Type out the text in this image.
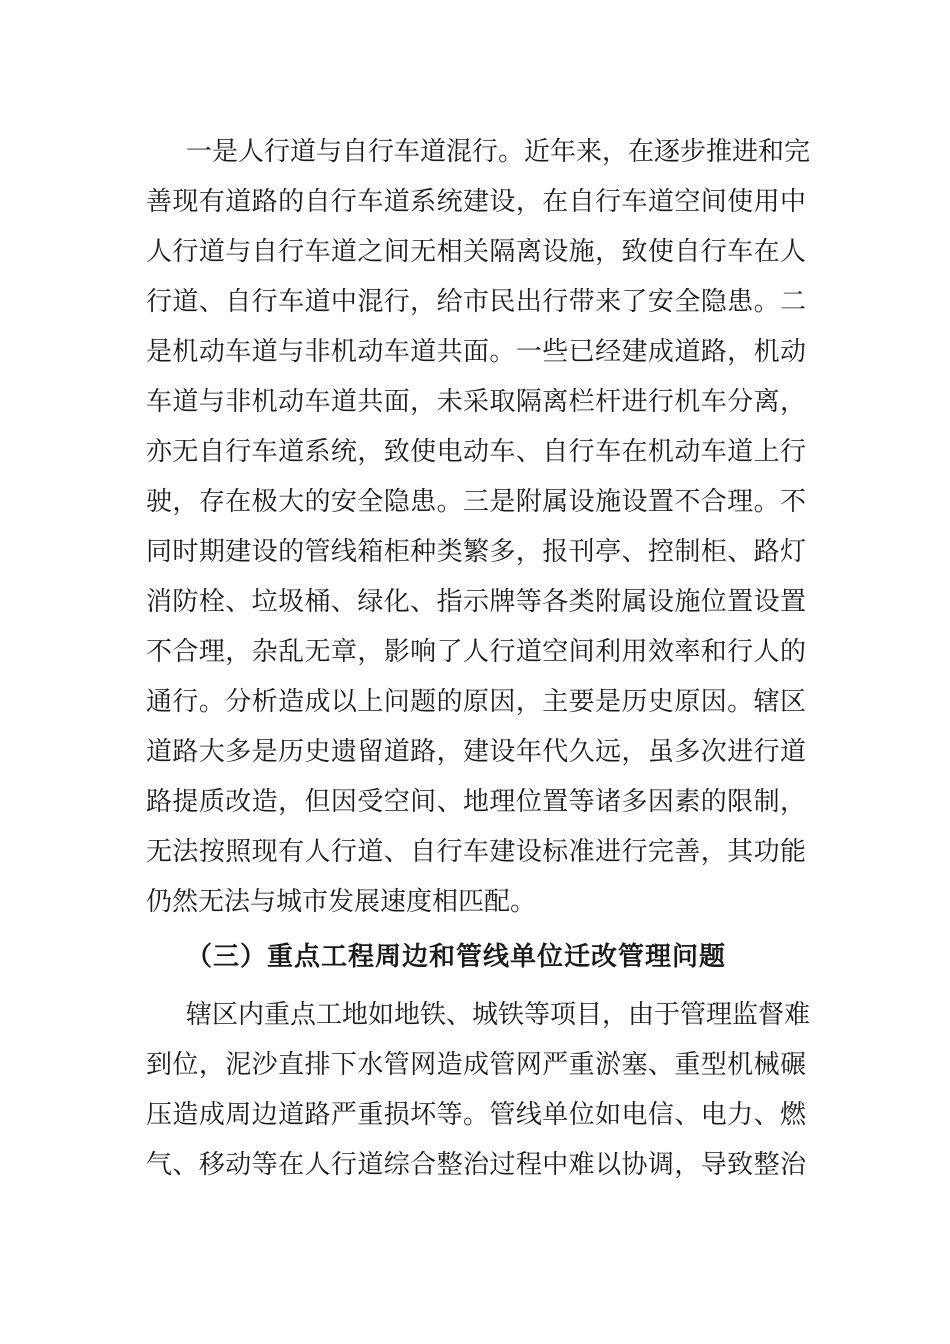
一是人行道与自行车道混行。近年来，在逐步推进和完
善现有道路的自行车道系统建设，在自行车道空间使用中
人行道与自行车道之间无相关隔离设施，致使自行车在人
行道、自行车道中混行，给市民出行带来了安全隐患。二
是机动车道与非机动车道共面。一些已经建成道路，机动
车道与非机动车道共面，未采取隔离栏杆进行机车分离，
亦无自行车道系统，致使电动车、自行车在机动车道上行
驶，存在极大的安全隐患。三是附属设施设置不合理。不
同时期建设的管线箱柜种类繁多，报刊亭、控制柜、路灯
消防栓、垃圾桶、绿化、指示牌等各类附属设施位置设置
不合理，杂乱无章，影响了人行道空间利用效率和行人的
通行。分析造成以上问题的原因，主要是历史原因。辖区
道路大多是历史遗留道路，建设年代久远，虽多次进行道
路提质改造，但因受空间、地理位置等诸多因素的限制，
无法按照现有人行道、自行车建设标准进行完善，其功能
仍然无法与城市发展速度相匹配。
（三）重点工程周边和管线单位迁改管理问题
辖区内重点工地如地铁、城铁等项目，由于管理监督难
到位，泥沙直排下水管网造成管网严重淤塞、重型机械碾
压造成周边道路严重损坏等。管线单位如电信、电力、燃
气、移动等在人行道综合整治过程中难以协调，导致整治
